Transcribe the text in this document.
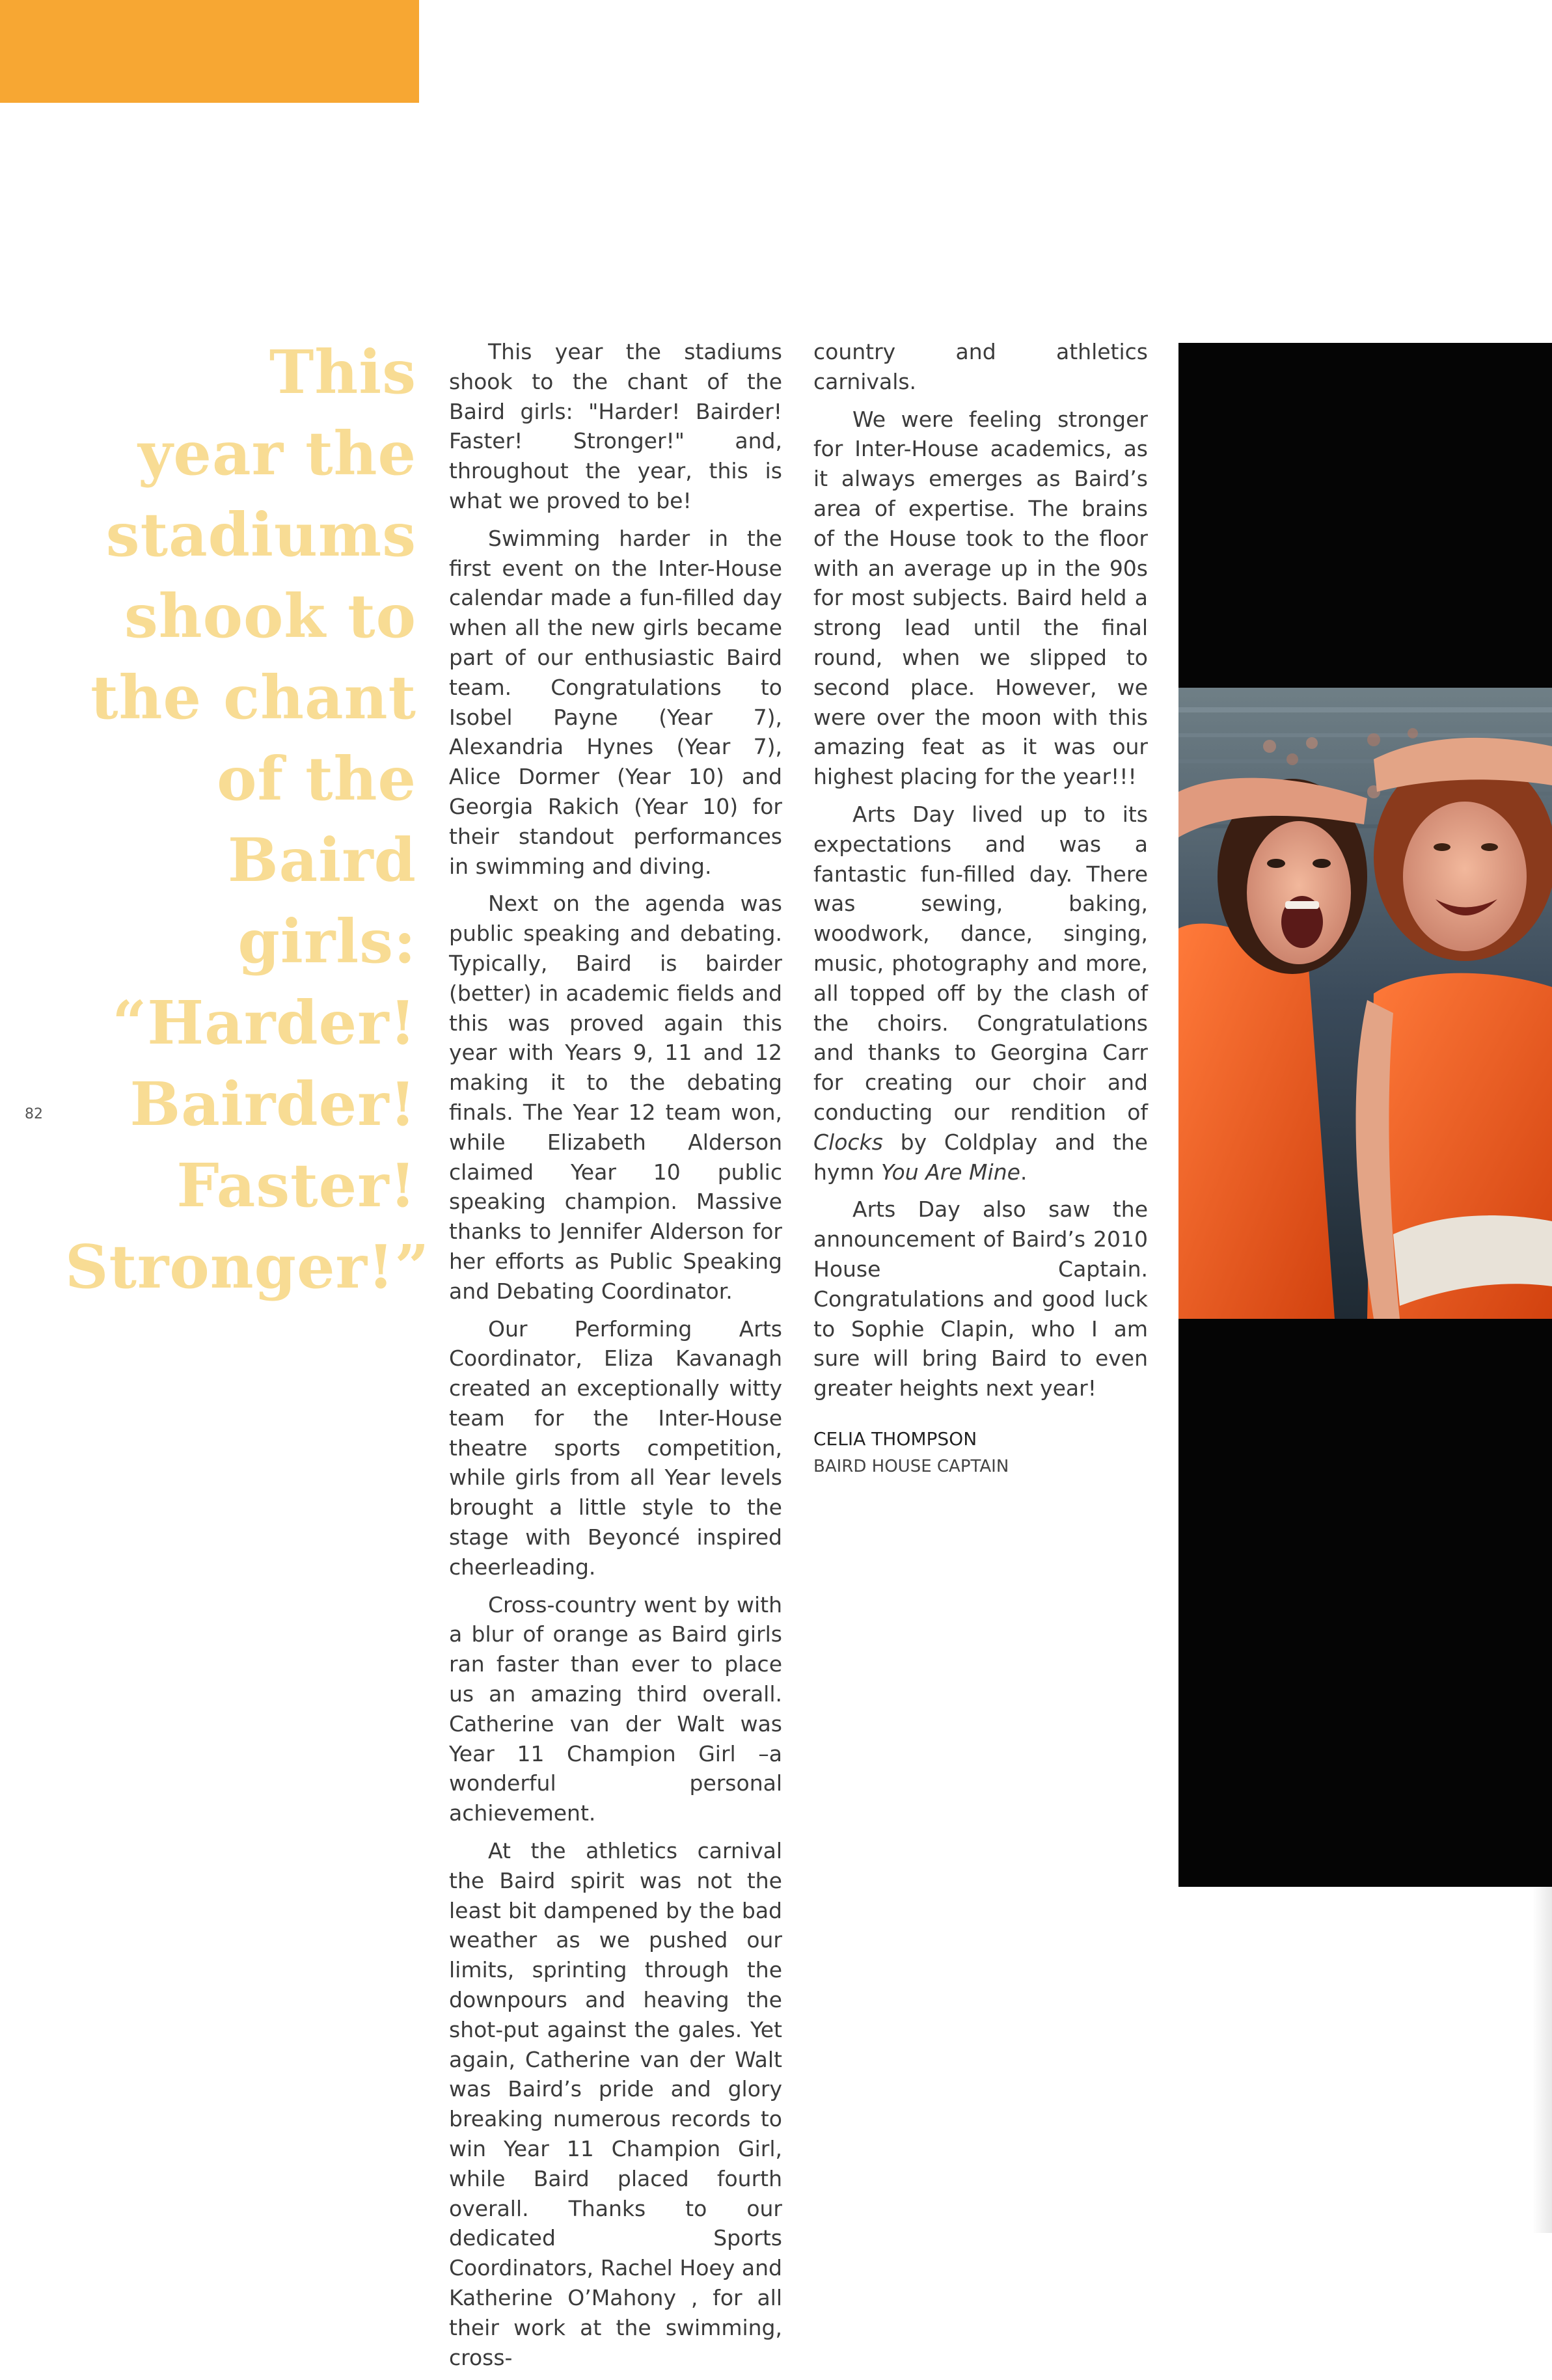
82
This
year the
stadiums
shook to
the chant
of the
Baird girls:
“Harder!
Bairder!
Faster!
Stronger!”

This year the stadiums shook to the chant of the Baird girls: "Harder! Bairder! Faster! Stronger!" and, throughout the year, this is what we proved to be!

Swimming harder in the first event on the Inter-House calendar made a fun-filled day when all the new girls became part of our enthusiastic Baird team. Congratulations to Isobel Payne (Year 7), Alexandria Hynes (Year 7), Alice Dormer (Year 10) and Georgia Rakich (Year 10) for their standout performances in swimming and diving.

Next on the agenda was public speaking and debating. Typically, Baird is bairder (better) in academic fields and this was proved again this year with Years 9, 11 and 12 making it to the debating finals. The Year 12 team won, while Elizabeth Alderson claimed Year 10 public speaking champion. Massive thanks to Jennifer Alderson for her efforts as Public Speaking and Debating Coordinator.

Our Performing Arts Coordinator, Eliza Kavanagh created an exceptionally witty team for the Inter-House theatre sports competition, while girls from all Year levels brought a little style to the stage with Beyoncé inspired cheerleading.

Cross-country went by with a blur of orange as Baird girls ran faster than ever to place us an amazing third overall. Catherine van der Walt was Year 11 Champion Girl –a wonderful personal achievement.

At the athletics carnival the Baird spirit was not the least bit dampened by the bad weather as we pushed our limits, sprinting through the downpours and heaving the shot-put against the gales. Yet again, Catherine van der Walt was Baird’s pride and glory breaking numerous records to win Year 11 Champion Girl, while Baird placed fourth overall. Thanks to our dedicated Sports Coordinators, Rachel Hoey and Katherine O’Mahony , for all their work at the swimming, cross-

country and athletics carnivals.

We were feeling stronger for Inter-House academics, as it always emerges as Baird’s area of expertise. The brains of the House took to the floor with an average up in the 90s for most subjects. Baird held a strong lead until the final round, when we slipped to second place. However, we were over the moon with this amazing feat as it was our highest placing for the year!!!

Arts Day lived up to its expectations and was a fantastic fun-filled day. There was sewing, baking, woodwork, dance, singing, music, photography and more, all topped off by the clash of the choirs. Congratulations and thanks to Georgina Carr for creating our choir and conducting our rendition of Clocks by Coldplay and the hymn You Are Mine.

Arts Day also saw the announcement of Baird’s 2010 House Captain. Congratulations and good luck to Sophie Clapin, who I am sure will bring Baird to even greater heights next year!

CELIA THOMPSON
BAIRD HOUSE CAPTAIN
